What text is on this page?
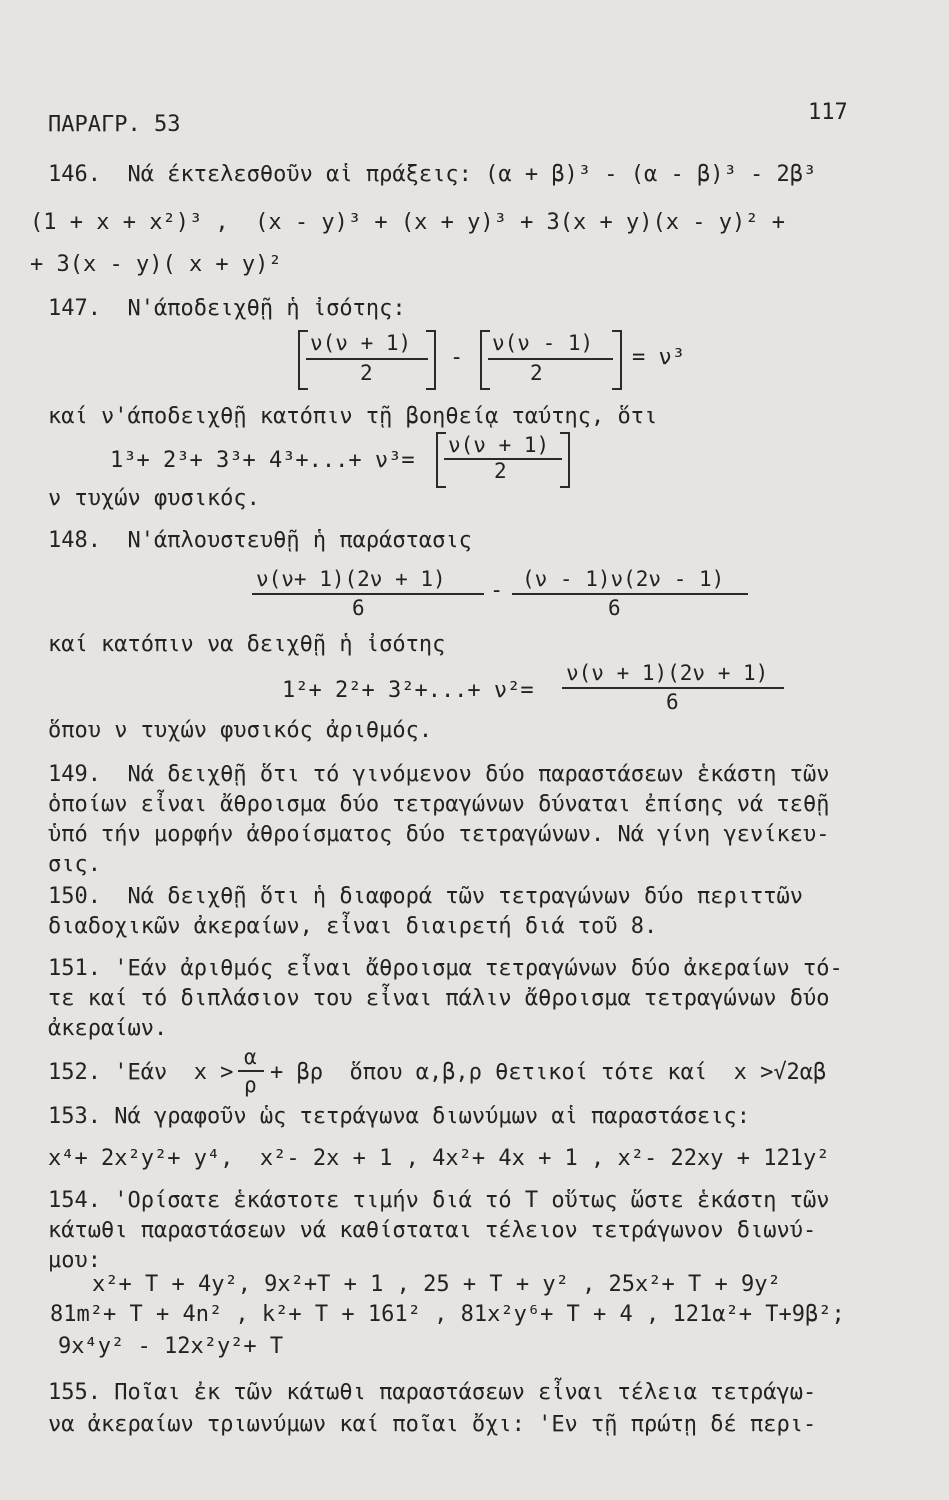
ΠΑΡΑΓΡ. 53	117
146.  Νά έκτελεσθοῦν αἱ πράξεις: (α + β)³ - (α - β)³ - 2β³
(1 + x + x²)³ ,  (x - y)³ + (x + y)³ + 3(x + y)(x - y)² +
+ 3(x - y)( x + y)²
147.  Ν'άποδειχθῇ ἡ ἰσότης:
ν(ν + 1)
2
-
ν(ν - 1)
2
= ν³
καί ν'άποδειχθῇ κατόπιν τῇ βοηθείᾳ ταύτης, ὅτι
1³+ 2³+ 3³+ 4³+...+ ν³=
ν(ν + 1)
2
ν τυχών φυσικός.
148.  Ν'άπλουστευθῇ ἡ παράστασις
ν(ν+ 1)(2ν + 1)
6
- (ν - 1)ν(2ν - 1)
6
καί κατόπιν να δειχθῇ ἡ ἰσότης
1²+ 2²+ 3²+...+ ν²=
ν(ν + 1)(2ν + 1)
6
ὅπου ν τυχών φυσικός ἀριθμός.
149.  Νά δειχθῇ ὅτι τό γινόμενον δύο παραστάσεων ἑκάστη τῶν
ὁποίων εἶναι ἄθροισμα δύο τετραγώνων δύναται ἐπίσης νά τεθῇ
ὑπό τήν μορφήν ἀθροίσματος δύο τετραγώνων. Νά γίνη γενίκευ-
σις.
150.  Νά δειχθῇ ὅτι ἡ διαφορά τῶν τετραγώνων δύο περιττῶν
διαδοχικῶν ἀκεραίων, εἶναι διαιρετή διά τοῦ 8.
151. 'Εάν ἀριθμός εἶναι ἄθροισμα τετραγώνων δύο ἀκεραίων τό-
τε καί τό διπλάσιον του εἶναι πάλιν ἄθροισμα τετραγώνων δύο
ἀκεραίων.
152. 'Εάν  x >
α
ρ + βρ  ὅπου α,β,ρ θετικοί τότε καί  x >√2αβ
153. Νά γραφοῦν ὡς τετράγωνα διωνύμων αἱ παραστάσεις:
x⁴+ 2x²y²+ y⁴,  x²- 2x + 1 , 4x²+ 4x + 1 , x²- 22xy + 121y²
154. 'Ορίσατε ἑκάστοτε τιμήν διά τό T οὕτως ὥστε ἑκάστη τῶν
κάτωθι παραστάσεων νά καθίσταται τέλειον τετράγωνον διωνύ-
μου:
x²+ T + 4y², 9x²+T + 1 , 25 + T + y² , 25x²+ T + 9y²
81m²+ T + 4n² , k²+ T + 161² , 81x²y⁶+ T + 4 , 121α²+ T+9β²;
9x⁴y² - 12x²y²+ T
155. Ποῖαι ἐκ τῶν κάτωθι παραστάσεων εἶναι τέλεια τετράγω-
να ἀκεραίων τριωνύμων καί ποῖαι ὄχι: 'Εν τῇ πρώτῃ δέ περι-
